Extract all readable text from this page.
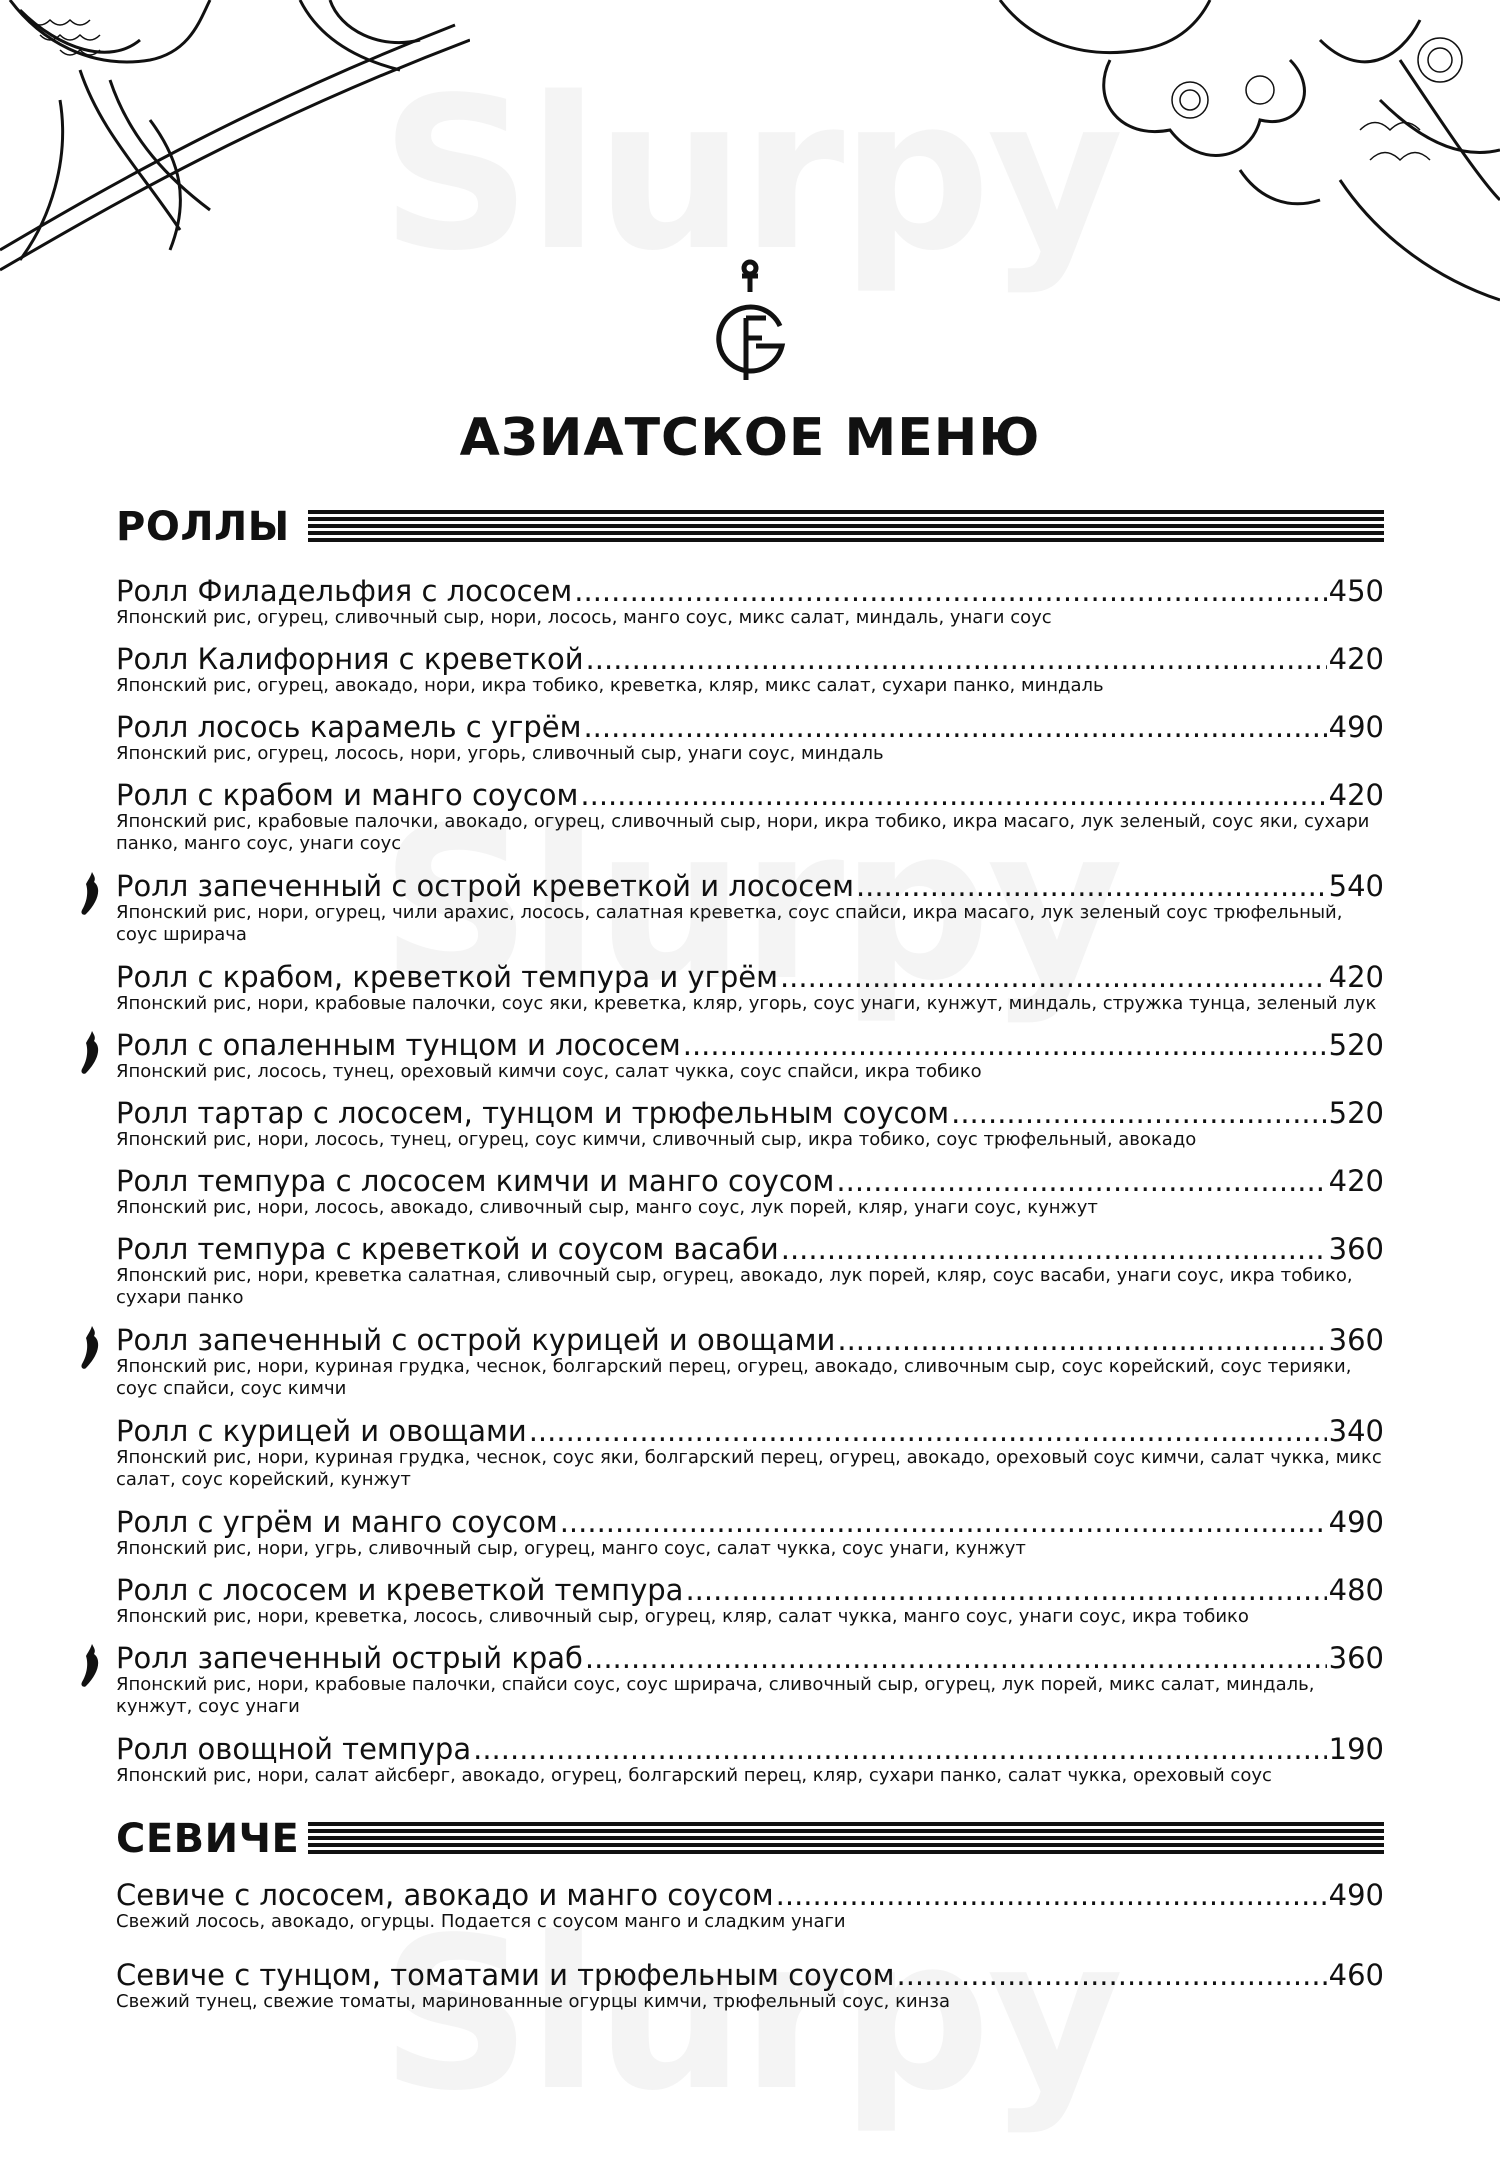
FG
АЗИАТСКОЕ МЕНЮ
РОЛЛЫ
Ролл Филадельфия с лососем .....	450
Японский рис, огурец, сливочный сыр, нори, лосось, манго соус, микс салат, миндаль, унаги соус
Ролл Калифорния с креветкой .....	420
Японский рис, огурец, авокадо, нори, икра тобико, креветка, кляр, микс салат, сухари панко, миндаль
Ролл лосось карамель с угрём .....	490
Японский рис, огурец, лосось, нори, угорь, сливочный сыр, унаги соус, миндаль
Ролл с крабом и манго соусом .....	420
Японский рис, крабовые палочки, авокадо, огурец, сливочный сыр, нори, икра тобико, икра масаго, лук зеленый, соус яки, сухари панко, манго соус, унаги соус
Ролл запеченный с острой креветкой и лососем .....	540
Японский рис, нори, огурец, чили арахис, лосось, салатная креветка, соус спайси, икра масаго, лук зеленый соус трюфельный, соус шрирача
Ролл с крабом, креветкой темпура и угрём .....	420
Японский рис, нори, крабовые палочки, соус яки, креветка, кляр, угорь, соус унаги, кунжут, миндаль, стружка тунца, зеленый лук
Ролл с опаленным тунцом и лососем .....	520
Японский рис, лосось, тунец, ореховый кимчи соус, салат чукка, соус спайси, икра тобико
Ролл тартар с лососем, тунцом и трюфельным соусом .....	520
Японский рис, нори, лосось, тунец, огурец, соус кимчи, сливочный сыр, икра тобико, соус трюфельный, авокадо
Ролл темпура с лососем кимчи и манго соусом .....	420
Японский рис, нори, лосось, авокадо, сливочный сыр, манго соус, лук порей, кляр, унаги соус, кунжут
Ролл темпура с креветкой и соусом васаби .....	360
Японский рис, нори, креветка салатная, сливочный сыр, огурец, авокадо, лук порей, кляр, соус васаби, унаги соус, икра тобико, сухари панко
Ролл запеченный с острой курицей и овощами .....	360
Японский рис, нори, куриная грудка, чеснок, болгарский перец, огурец, авокадо, сливочным сыр, соус корейский, соус терияки, соус спайси, соус кимчи
Ролл с курицей и овощами .....	340
Японский рис, нори, куриная грудка, чеснок, соус яки, болгарский перец, огурец, авокадо, ореховый соус кимчи, салат чукка, микс салат, соус корейский, кунжут
Ролл с угрём и манго соусом .....	490
Японский рис, нори, угрь, сливочный сыр, огурец, манго соус, салат чукка, соус унаги, кунжут
Ролл с лососем и креветкой темпура .....	480
Японский рис, нори, креветка, лосось, сливочный сыр, огурец, кляр, салат чукка, манго соус, унаги соус, икра тобико
Ролл запеченный острый краб .....	360
Японский рис, нори, крабовые палочки, спайси соус, соус шрирача, сливочный сыр, огурец, лук порей, микс салат, миндаль, кунжут, соус унаги
Ролл овощной темпура .....	190
Японский рис, нори, салат айсберг, авокадо, огурец, болгарский перец, кляр, сухари панко, салат чукка, ореховый соус
СЕВИЧЕ
Севиче с лососем, авокадо и манго соусом .....	490
Свежий лосось, авокадо, огурцы. Подается с соусом манго и сладким унаги
Севиче с тунцом, томатами и трюфельным соусом .....	460
Свежий тунец, свежие томаты, маринованные огурцы кимчи, трюфельный соус, кинза
